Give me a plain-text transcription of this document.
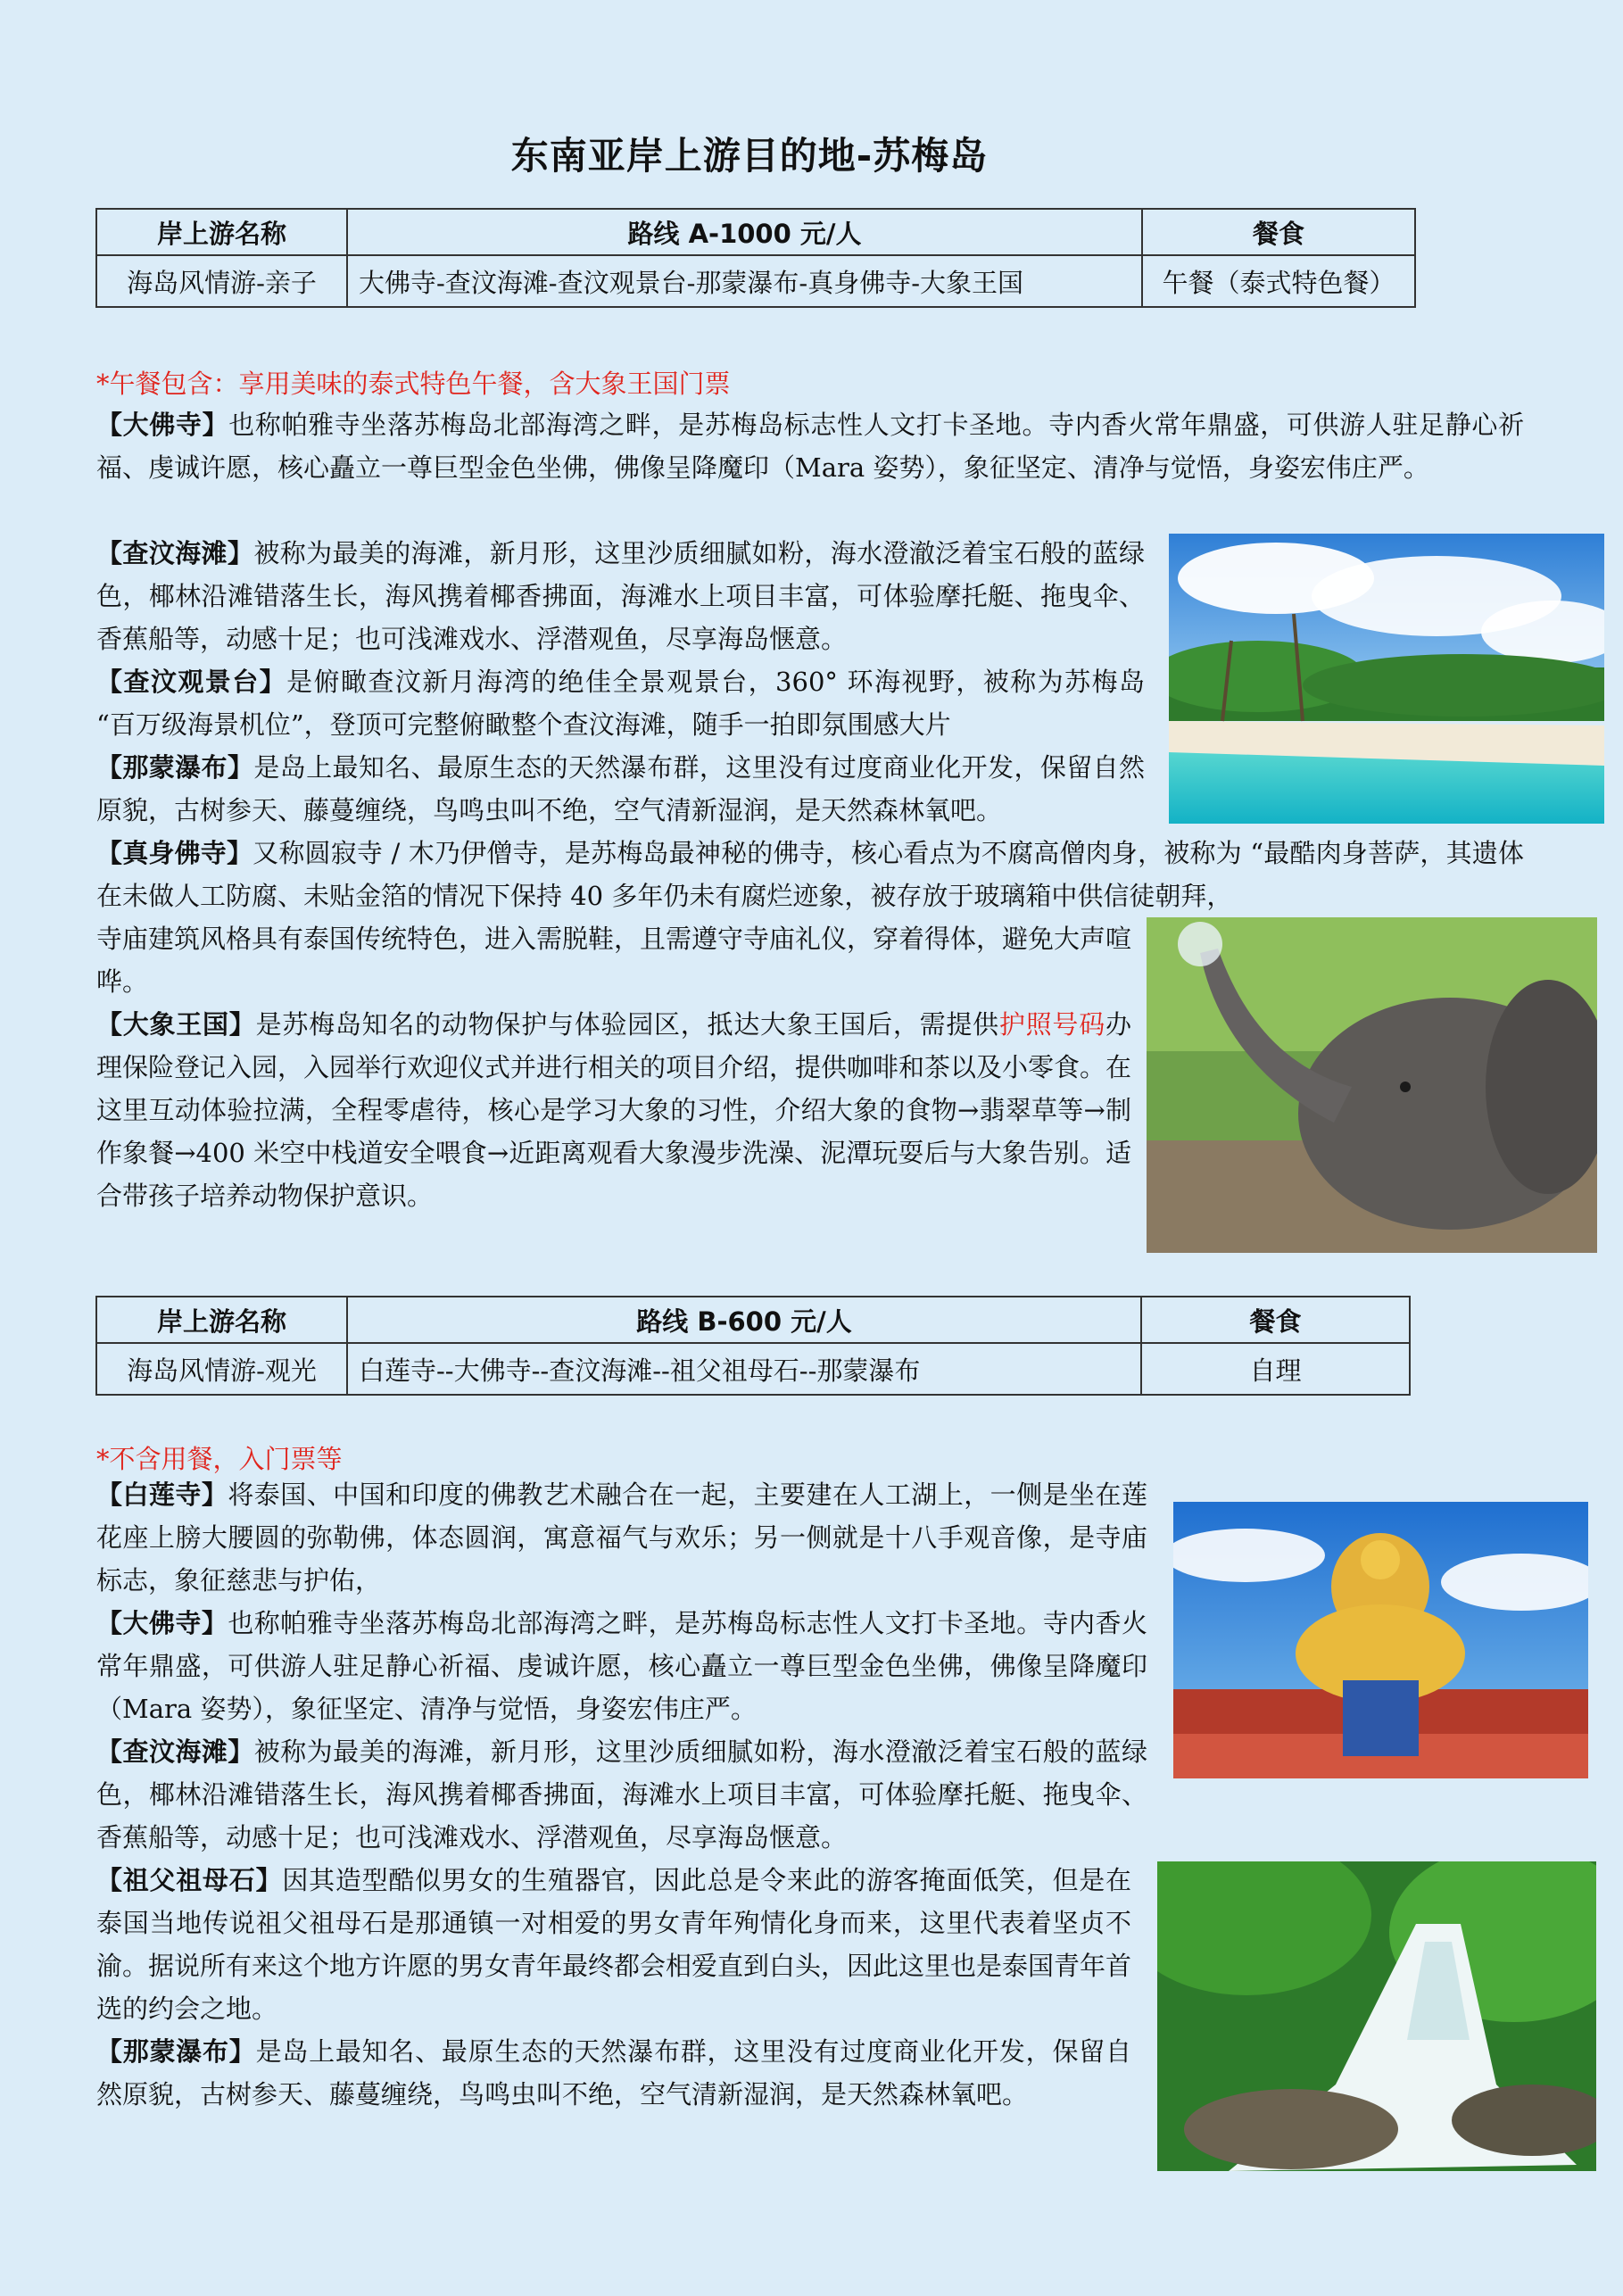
东南亚岸上游目的地-苏梅岛
岸上游名称	路线 A-1000 元/人	餐食
海岛风情游-亲子	大佛寺-查汶海滩-查汶观景台-那蒙瀑布-真身佛寺-大象王国	午餐（泰式特色餐）
*午餐包含：享用美味的泰式特色午餐，含大象王国门票
【大佛寺】也称帕雅寺坐落苏梅岛北部海湾之畔，是苏梅岛标志性人文打卡圣地。寺内香火常年鼎盛，可供游人驻足静心祈福、虔诚许愿，核心矗立一尊巨型金色坐佛，佛像呈降魔印（Mara 姿势），象征坚定、清净与觉悟，身姿宏伟庄严。
【查汶海滩】被称为最美的海滩，新月形，这里沙质细腻如粉，海水澄澈泛着宝石般的蓝绿色，椰林沿滩错落生长，海风携着椰香拂面，海滩水上项目丰富，可体验摩托艇、拖曳伞、香蕉船等，动感十足；也可浅滩戏水、浮潜观鱼，尽享海岛惬意。
【查汶观景台】是俯瞰查汶新月海湾的绝佳全景观景台，360° 环海视野，被称为苏梅岛 “百万级海景机位”，登顶可完整俯瞰整个查汶海滩，随手一拍即氛围感大片
【那蒙瀑布】是岛上最知名、最原生态的天然瀑布群，这里没有过度商业化开发，保留自然原貌，古树参天、藤蔓缠绕，鸟鸣虫叫不绝，空气清新湿润，是天然森林氧吧。
【真身佛寺】又称圆寂寺 / 木乃伊僧寺，是苏梅岛最神秘的佛寺，核心看点为不腐高僧肉身，被称为 “最酷肉身菩萨，其遗体在未做人工防腐、未贴金箔的情况下保持 40 多年仍未有腐烂迹象，被存放于玻璃箱中供信徒朝拜，
寺庙建筑风格具有泰国传统特色，进入需脱鞋，且需遵守寺庙礼仪，穿着得体，避免大声喧哗。
【大象王国】是苏梅岛知名的动物保护与体验园区，抵达大象王国后，需提供护照号码办理保险登记入园，入园举行欢迎仪式并进行相关的项目介绍，提供咖啡和茶以及小零食。在这里互动体验拉满，全程零虐待，核心是学习大象的习性，介绍大象的食物→翡翠草等→制作象餐→400 米空中栈道安全喂食→近距离观看大象漫步洗澡、泥潭玩耍后与大象告别。适合带孩子培养动物保护意识。
岸上游名称	路线 B-600 元/人	餐食
海岛风情游-观光	白莲寺--大佛寺--查汶海滩--祖父祖母石--那蒙瀑布	自理
*不含用餐，入门票等
【白莲寺】将泰国、中国和印度的佛教艺术融合在一起，主要建在人工湖上，一侧是坐在莲花座上膀大腰圆的弥勒佛，体态圆润，寓意福气与欢乐；另一侧就是十八手观音像，是寺庙标志，象征慈悲与护佑，
【大佛寺】也称帕雅寺坐落苏梅岛北部海湾之畔，是苏梅岛标志性人文打卡圣地。寺内香火常年鼎盛，可供游人驻足静心祈福、虔诚许愿，核心矗立一尊巨型金色坐佛，佛像呈降魔印（Mara 姿势），象征坚定、清净与觉悟，身姿宏伟庄严。
【查汶海滩】被称为最美的海滩，新月形，这里沙质细腻如粉，海水澄澈泛着宝石般的蓝绿色，椰林沿滩错落生长，海风携着椰香拂面，海滩水上项目丰富，可体验摩托艇、拖曳伞、香蕉船等，动感十足；也可浅滩戏水、浮潜观鱼，尽享海岛惬意。
【祖父祖母石】因其造型酷似男女的生殖器官，因此总是令来此的游客掩面低笑，但是在泰国当地传说祖父祖母石是那通镇一对相爱的男女青年殉情化身而来，这里代表着坚贞不渝。据说所有来这个地方许愿的男女青年最终都会相爱直到白头，因此这里也是泰国青年首选的约会之地。
【那蒙瀑布】是岛上最知名、最原生态的天然瀑布群，这里没有过度商业化开发，保留自然原貌，古树参天、藤蔓缠绕，鸟鸣虫叫不绝，空气清新湿润，是天然森林氧吧。
